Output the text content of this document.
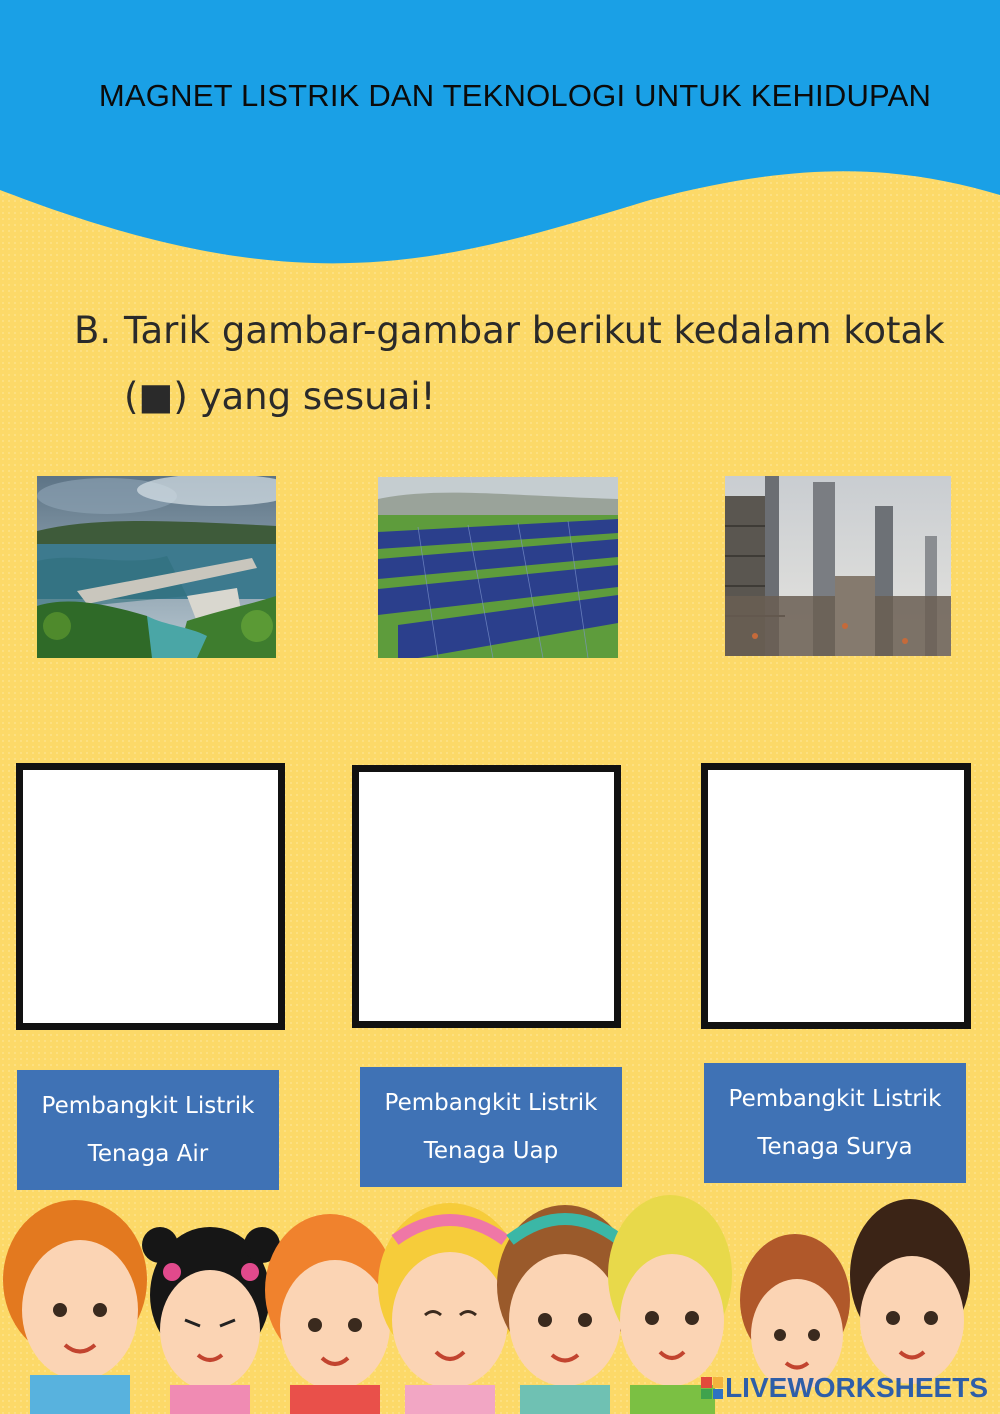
MAGNET LISTRIK DAN TEKNOLOGI UNTUK KEHIDUPAN
B. Tarik gambar-gambar berikut kedalam kotak
(■) yang sesuai!
Pembangkit Listrik
Tenaga Air
Pembangkit Listrik
Tenaga Uap
Pembangkit Listrik
Tenaga Surya
LIVEWORKSHEETS
